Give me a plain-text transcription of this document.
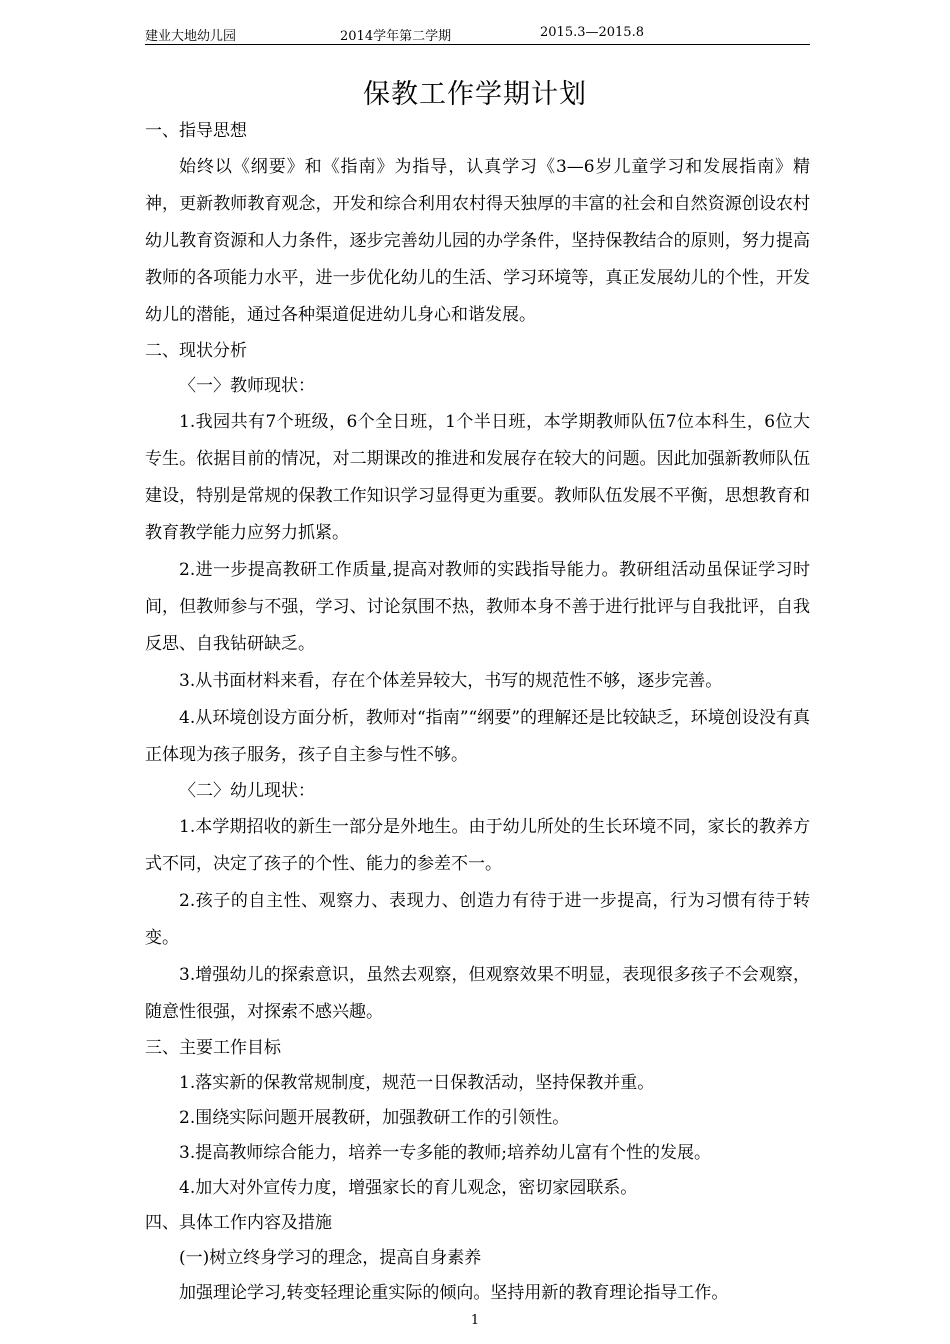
建业大地幼儿园	2014学年第二学期	2015.3—2015.8
保教工作学期计划
一、指导思想

始终以《纲要》和《指南》为指导，认真学习《3—6岁儿童学习和发展指南》精神，更新教师教育观念，开发和综合利用农村得天独厚的丰富的社会和自然资源创设农村幼儿教育资源和人力条件，逐步完善幼儿园的办学条件，坚持保教结合的原则，努力提高教师的各项能力水平，进一步优化幼儿的生活、学习环境等，真正发展幼儿的个性，开发幼儿的潜能，通过各种渠道促进幼儿身心和谐发展。

二、现状分析
〈一〉教师现状：

1.我园共有7个班级，6个全日班，1个半日班，本学期教师队伍7位本科生，6位大专生。依据目前的情况，对二期课改的推进和发展存在较大的问题。因此加强新教师队伍建设，特别是常规的保教工作知识学习显得更为重要。教师队伍发展不平衡，思想教育和教育教学能力应努力抓紧。

2.进一步提高教研工作质量,提高对教师的实践指导能力。教研组活动虽保证学习时间，但教师参与不强，学习、讨论氛围不热，教师本身不善于进行批评与自我批评，自我反思、自我钻研缺乏。

3.从书面材料来看，存在个体差异较大，书写的规范性不够，逐步完善。

4.从环境创设方面分析，教师对“指南”“纲要”的理解还是比较缺乏，环境创设没有真正体现为孩子服务，孩子自主参与性不够。

〈二〉幼儿现状：

1.本学期招收的新生一部分是外地生。由于幼儿所处的生长环境不同，家长的教养方式不同，决定了孩子的个性、能力的参差不一。

2.孩子的自主性、观察力、表现力、创造力有待于进一步提高，行为习惯有待于转变。

3.增强幼儿的探索意识，虽然去观察，但观察效果不明显，表现很多孩子不会观察，随意性很强，对探索不感兴趣。

三、主要工作目标
1.落实新的保教常规制度，规范一日保教活动，坚持保教并重。
2.围绕实际问题开展教研，加强教研工作的引领性。
3.提高教师综合能力，培养一专多能的教师;培养幼儿富有个性的发展。
4.加大对外宣传力度，增强家长的育儿观念，密切家园联系。
四、具体工作内容及措施
(一)树立终身学习的理念，提高自身素养
加强理论学习,转变轻理论重实际的倾向。坚持用新的教育理论指导工作。
1
